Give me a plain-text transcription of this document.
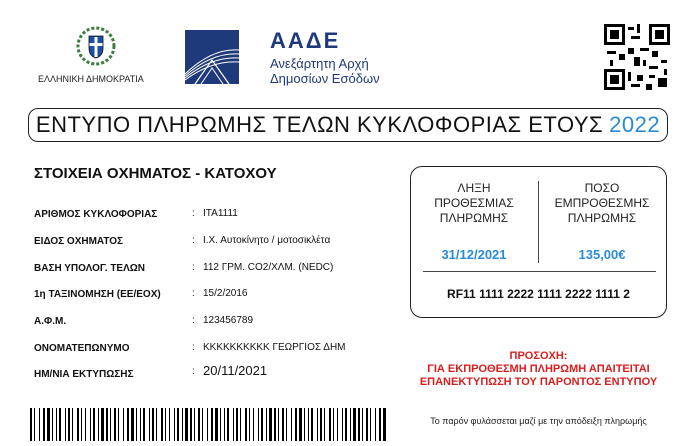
ΕΛΛΗΝΙΚΗ ΔΗΜΟΚΡΑΤΙΑ
ΑΑΔΕ
Ανεξάρτητη Αρχή
Δημοσίων Εσόδων
ΕΝΤΥΠΟ ΠΛΗΡΩΜΗΣ ΤΕΛΩΝ ΚΥΚΛΟΦΟΡΙΑΣ ΕΤΟΥΣ 2022
ΣΤΟΙΧΕΙΑ ΟΧΗΜΑΤΟΣ - ΚΑΤΟΧΟΥ
ΑΡΙΘΜΟΣ ΚΥΚΛΟΦΟΡΙΑΣ	: ΙΤΑ1111
ΕΙΔΟΣ ΟΧΗΜΑΤΟΣ	: Ι.Χ. Αυτοκίνητο / μοτοσικλέτα
ΒΑΣΗ ΥΠΟΛΟΓ. ΤΕΛΩΝ	: 112 ΓΡΜ. CO2/ΧΛΜ. (NEDC)
1η ΤΑΞΙΝΟΜΗΣΗ (ΕΕ/ΕΟΧ)	: 15/2/2016
Α.Φ.Μ.	: 123456789
ΟΝΟΜΑΤΕΠΩΝΥΜΟ	: ΚΚΚΚΚΚΚΚΚΚ ΓΕΩΡΓΙΟΣ ΔΗΜ
ΗΜ/ΝΙΑ ΕΚΤΥΠΩΣΗΣ	: 20/11/2021
ΛΗΞΗ
ΠΡΟΘΕΣΜΙΑΣ
ΠΛΗΡΩΜΗΣ
ΠΟΣΟ
ΕΜΠΡΟΘΕΣΜΗΣ
ΠΛΗΡΩΜΗΣ
31/12/2021	135,00€
RF11 1111 2222 1111 2222 1111 2
ΠΡΟΣΟΧΗ:
ΓΙΑ ΕΚΠΡΟΘΕΣΜΗ ΠΛΗΡΩΜΗ ΑΠΑΙΤΕΙΤΑΙ
ΕΠΑΝΕΚΤΥΠΩΣΗ ΤΟΥ ΠΑΡΟΝΤΟΣ ΕΝΤΥΠΟΥ
Το παρόν φυλάσσεται μαζί με την απόδειξη πληρωμής
